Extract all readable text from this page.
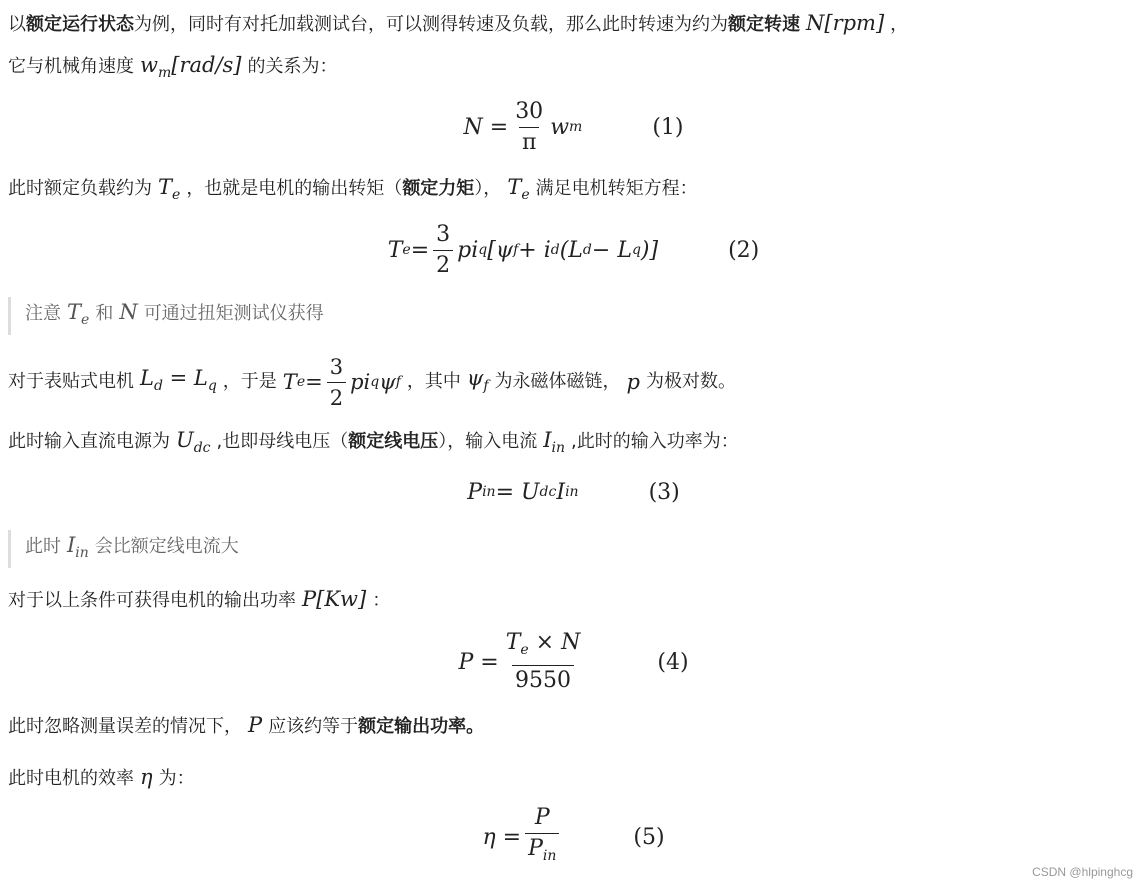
以额定运行状态为例，同时有对托加载测试台，可以测得转速及负载，那么此时转速为约为额定转速 N[rpm] ，
它与机械角速度 $w_m[rad/s]$ 的关系为：
$N = \frac{30}{\pi}$ w m	(1)
此时额定负载约为 $T_e$ ，也就是电机的输出转矩（额定力矩）， $T_e$ 满足电机转矩方程：
T $e = \frac{3}{2}$ pi q [ψ f + i d (L d − L q )]	(2)
注意 $T_e$ 和 N 可通过扭矩测试仪获得
对于表贴式电机 $L_d = L_q$ ，于是 T $e = \frac{3}{2}$ pi q ψ f ，其中 $\psi_f$ 为永磁体磁链， p 为极对数。
此时输入直流电源为 $U_{dc}$ ,也即母线电压（额定线电压），输入电流 $I_{in}$ ,此时的输入功率为：
P in = U dc I in	(3)
此时 $I_{in}$ 会比额定线电流大
对于以上条件可获得电机的输出功率 P[Kw] ：
$P = \frac{T_e \times N}{9550}$	(4)
此时忽略测量误差的情况下， P 应该约等于额定输出功率。
此时电机的效率 η 为：
$\eta = \frac{P}{P_{in}}$	(5)
CSDN @hlpinghcg
